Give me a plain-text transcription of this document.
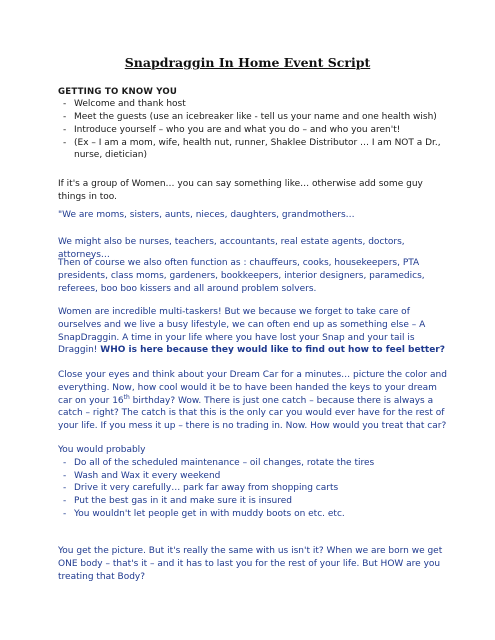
Snapdraggin In Home Event Script
GETTING TO KNOW YOU
- Welcome and thank host
- Meet the guests (use an icebreaker like - tell us your name and one health wish)
- Introduce yourself – who you are and what you do – and who you aren't!
- (Ex – I am a mom, wife, health nut, runner, Shaklee Distributor … I am NOT a Dr., nurse, dietician)

If it's a group of Women… you can say something like… otherwise add some guy things in too.

"We are moms, sisters, aunts, nieces, daughters, grandmothers…

We might also be nurses, teachers, accountants, real estate agents, doctors, attorneys…

Then of course we also often function as : chauffeurs, cooks, housekeepers, PTA presidents, class moms, gardeners, bookkeepers, interior designers, paramedics, referees, boo boo kissers and all around problem solvers.

Women are incredible multi-taskers! But we because we forget to take care of ourselves and we live a busy lifestyle, we can often end up as something else – A SnapDraggin. A time in your life where you have lost your Snap and your tail is Draggin! WHO is here because they would like to find out how to feel better?

Close your eyes and think about your Dream Car for a minutes… picture the color and everything. Now, how cool would it be to have been handed the keys to your dream car on your 16th birthday? Wow. There is just one catch – because there is always a catch – right? The catch is that this is the only car you would ever have for the rest of your life. If you mess it up – there is no trading in. Now. How would you treat that car?

You would probably

- Do all of the scheduled maintenance – oil changes, rotate the tires
- Wash and Wax it every weekend
- Drive it very carefully… park far away from shopping carts
- Put the best gas in it and make sure it is insured
- You wouldn't let people get in with muddy boots on etc. etc.

You get the picture. But it's really the same with us isn't it? When we are born we get ONE body – that's it – and it has to last you for the rest of your life. But HOW are you treating that Body?
